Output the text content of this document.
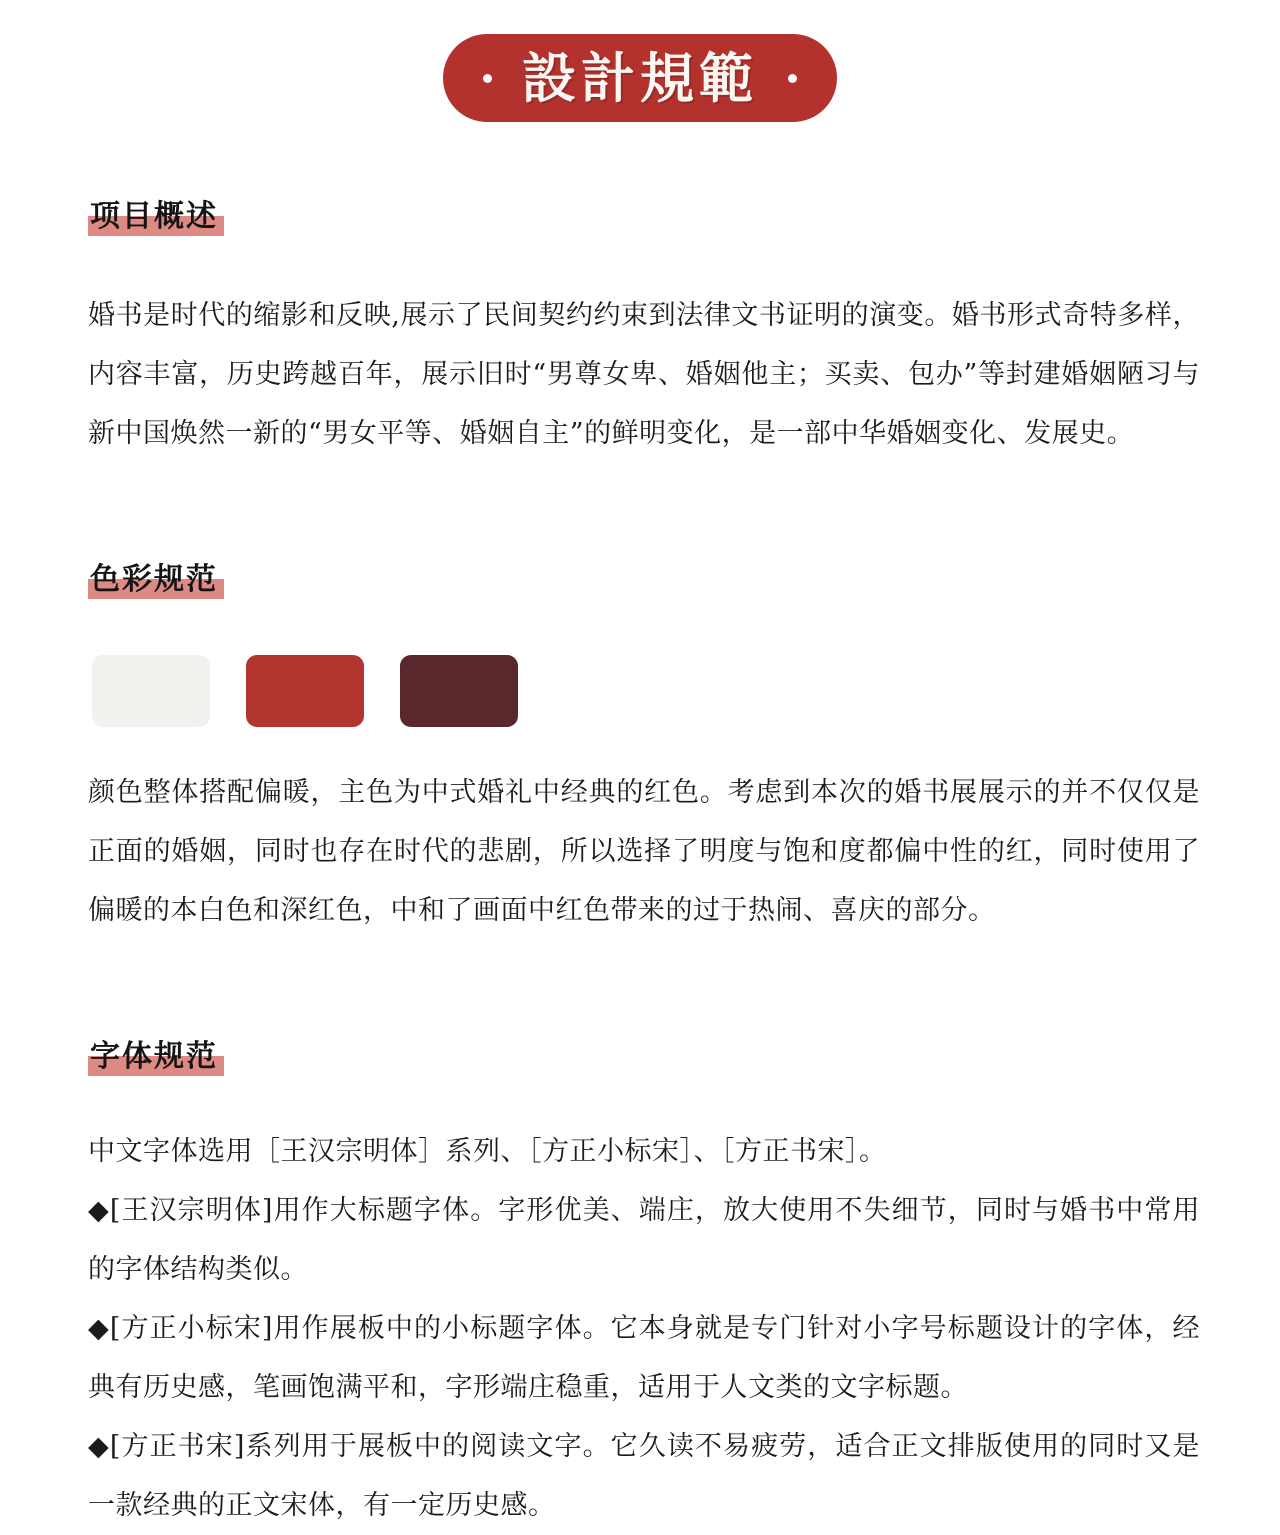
設計規範
项目概述

婚书是时代的缩影和反映,展示了民间契约约束到法律文书证明的演变。婚书形式奇特多样，内容丰富，历史跨越百年，展示旧时“男尊女卑、婚姻他主；买卖、包办”等封建婚姻陋习与新中国焕然一新的“男女平等、婚姻自主”的鲜明变化，是一部中华婚姻变化、发展史。

色彩规范

颜色整体搭配偏暖，主色为中式婚礼中经典的红色。考虑到本次的婚书展展示的并不仅仅是正面的婚姻，同时也存在时代的悲剧，所以选择了明度与饱和度都偏中性的红，同时使用了偏暖的本白色和深红色，中和了画面中红色带来的过于热闹、喜庆的部分。

字体规范

中文字体选用［王汉宗明体］系列、［方正小标宋］、［方正书宋］。

◆[王汉宗明体]用作大标题字体。字形优美、端庄，放大使用不失细节，同时与婚书中常用的字体结构类似。

◆[方正小标宋]用作展板中的小标题字体。它本身就是专门针对小字号标题设计的字体，经典有历史感，笔画饱满平和，字形端庄稳重，适用于人文类的文字标题。

◆[方正书宋]系列用于展板中的阅读文字。它久读不易疲劳，适合正文排版使用的同时又是一款经典的正文宋体，有一定历史感。
